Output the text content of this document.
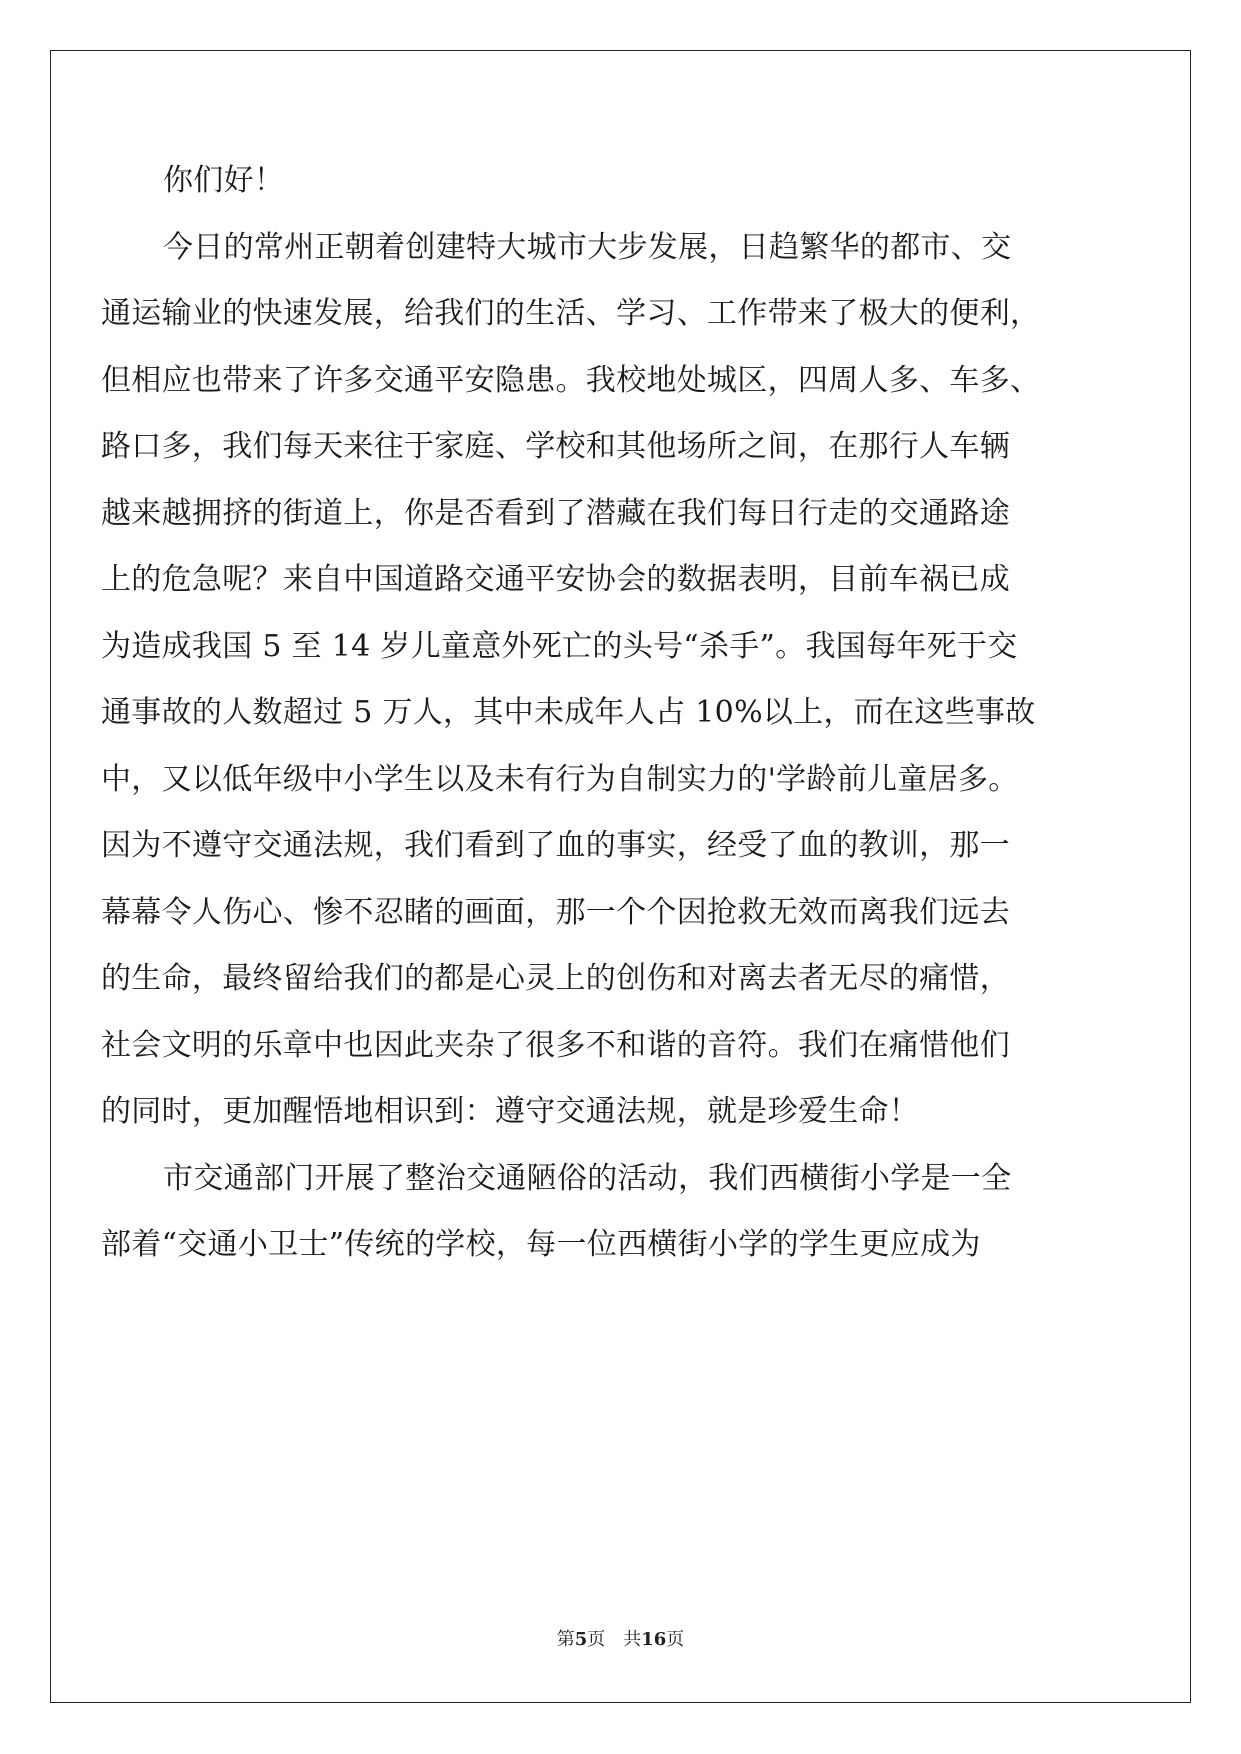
你们好！
今日的常州正朝着创建特大城市大步发展，日趋繁华的都市、交
通运输业的快速发展，给我们的生活、学习、工作带来了极大的便利，
但相应也带来了许多交通平安隐患。我校地处城区，四周人多、车多、
路口多，我们每天来往于家庭、学校和其他场所之间，在那行人车辆
越来越拥挤的街道上，你是否看到了潜藏在我们每日行走的交通路途
上的危急呢？来自中国道路交通平安协会的数据表明，目前车祸已成
为造成我国 5 至 14 岁儿童意外死亡的头号“杀手”。我国每年死于交
通事故的人数超过 5 万人，其中未成年人占 10%以上，而在这些事故
中，又以低年级中小学生以及未有行为自制实力的'学龄前儿童居多。
因为不遵守交通法规，我们看到了血的事实，经受了血的教训，那一
幕幕令人伤心、惨不忍睹的画面，那一个个因抢救无效而离我们远去
的生命，最终留给我们的都是心灵上的创伤和对离去者无尽的痛惜，
社会文明的乐章中也因此夹杂了很多不和谐的音符。我们在痛惜他们
的同时，更加醒悟地相识到：遵守交通法规，就是珍爱生命！
市交通部门开展了整治交通陋俗的活动，我们西横街小学是一全
部着“交通小卫士”传统的学校，每一位西横街小学的学生更应成为
第5页 共16页
